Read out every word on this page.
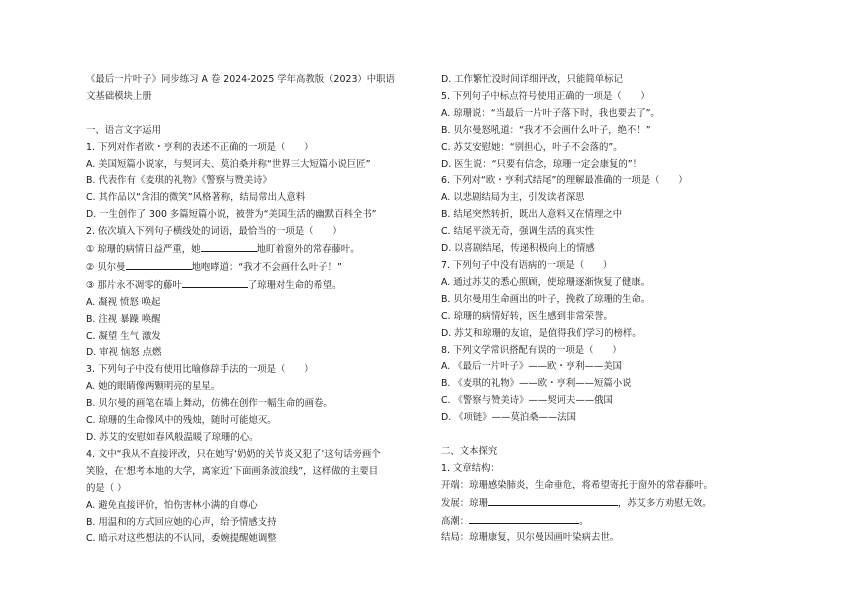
《最后一片叶子》同步练习 A 卷 2024-2025 学年高教版（2023）中职语
文基础模块上册
一、语言文字运用
1. 下列对作者欧・亨利的表述不正确的一项是（　　）
A. 美国短篇小说家，与契诃夫、莫泊桑并称“世界三大短篇小说巨匠”
B. 代表作有《麦琪的礼物》《警察与赞美诗》
C. 其作品以“含泪的微笑”风格著称，结局常出人意料
D. 一生创作了 300 多篇短篇小说，被誉为“美国生活的幽默百科全书”
2. 依次填入下列句子横线处的词语，最恰当的一项是（　　）
① 琼珊的病情日益严重，她	地盯着窗外的常春藤叶。
② 贝尔曼	地咆哮道：“我才不会画什么叶子！”
③ 那片永不凋零的藤叶	了琼珊对生命的希望。
A. 凝视 愤怒 唤起
B. 注视 暴躁 唤醒
C. 凝望 生气 激发
D. 审视 恼怒 点燃
3. 下列句子中没有使用比喻修辞手法的一项是（　　）
A. 她的眼睛像两颗明亮的星星。
B. 贝尔曼的画笔在墙上舞动，仿佛在创作一幅生命的画卷。
C. 琼珊的生命像风中的残烛，随时可能熄灭。
D. 苏艾的安慰如春风般温暖了琼珊的心。
4. 文中“我从不直接评改，只在她写‘奶奶的关节炎又犯了’这句话旁画个
笑脸，在‘想考本地的大学，离家近’下面画条波浪线”，这样做的主要目
的是（ ）
A. 避免直接评价，怕伤害林小满的自尊心
B. 用温和的方式回应她的心声，给予情感支持
C. 暗示对这些想法的不认同，委婉提醒她调整
D. 工作繁忙没时间详细评改，只能简单标记
5. 下列句子中标点符号使用正确的一项是（　　）
A. 琼珊说：“当最后一片叶子落下时，我也要去了”。
B. 贝尔曼怒吼道：“我才不会画什么叶子，绝不！”
C. 苏艾安慰她：“别担心，叶子不会落的”。
D. 医生说：“只要有信念，琼珊一定会康复的”！
6. 下列对“欧・亨利式结尾”的理解最准确的一项是（　　）
A. 以悲剧结局为主，引发读者深思
B. 结尾突然转折，既出人意料又在情理之中
C. 结尾平淡无奇，强调生活的真实性
D. 以喜剧结尾，传递积极向上的情感
7. 下列句子中没有语病的一项是（　　）
A. 通过苏艾的悉心照顾，使琼珊逐渐恢复了健康。
B. 贝尔曼用生命画出的叶子，挽救了琼珊的生命。
C. 琼珊的病情好转，医生感到非常荣誉。
D. 苏艾和琼珊的友谊，是值得我们学习的榜样。
8. 下列文学常识搭配有误的一项是（　　）
A. 《最后一片叶子》——欧・亨利——美国
B. 《麦琪的礼物》——欧・亨利——短篇小说
C. 《警察与赞美诗》——契诃夫——俄国
D. 《项链》——莫泊桑——法国
二、文本探究
1. 文章结构：
开端：琼珊感染肺炎，生命垂危，将希望寄托于窗外的常春藤叶。
发展：琼珊	，苏艾多方劝慰无效。
高潮：	。
结局：琼珊康复，贝尔曼因画叶染病去世。
